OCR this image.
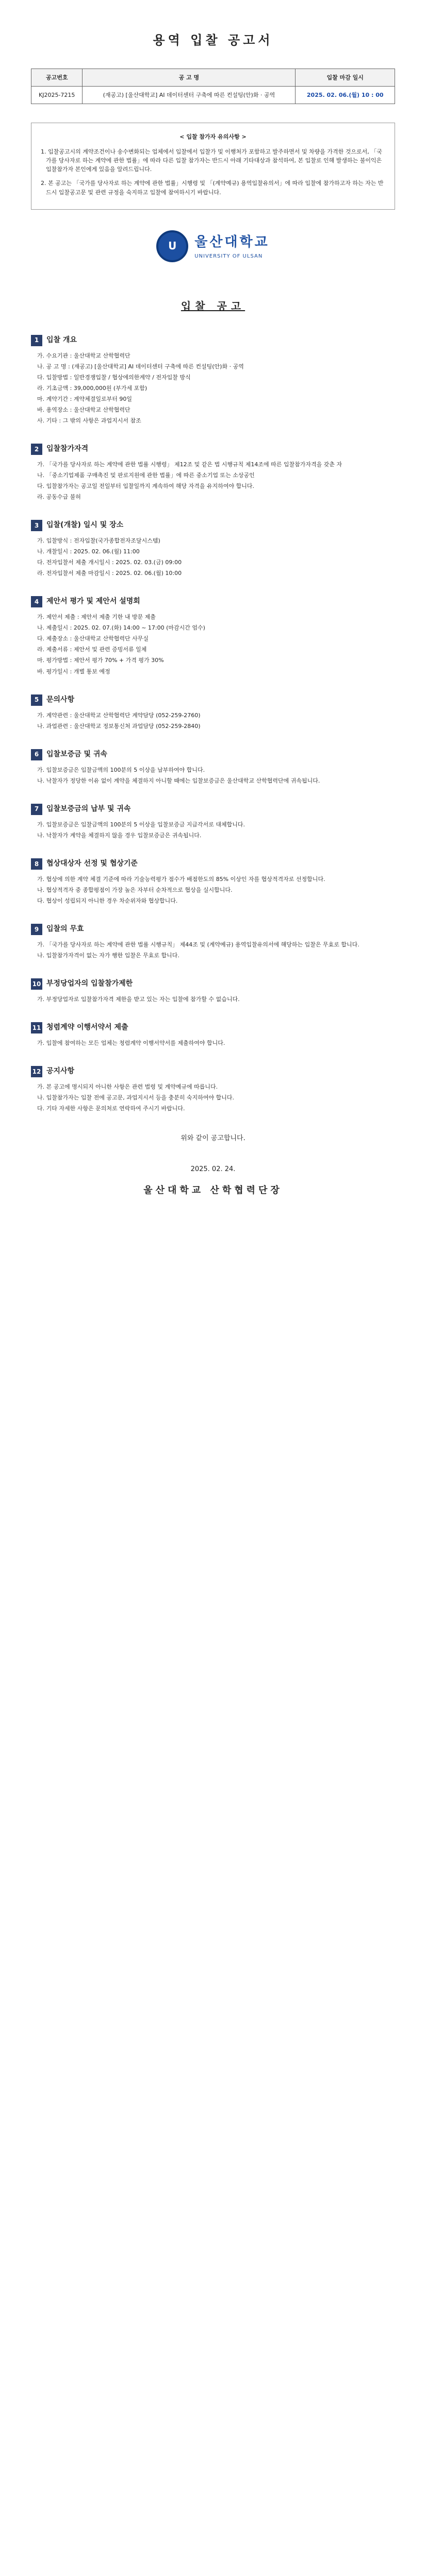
용역 입찰 공고서
공고번호	공 고 명	입찰 마감 일시
KJ2025-7215	(재공고) [울산대학교] AI 데이터센터 구축에 따른 컨설팅(안)화 · 공역	2025. 02. 06.(월) 10 : 00
< 입찰 참가자 유의사항 >

1. 입찰공고시의 계약조건이나 송수변화되는 업체에서 입찰에서 입찰가 및 이행처가 포함하고 발주하면서 및 차량을 가격한 것으로서, 「국가를 당사자로 하는 계약에 관한 법률」에 따라 다른 입찰 참가자는 반드시 아래 기타대상과 참석하여, 본 입찰로 인해 발생하는 불이익은 입찰참가자 본인에게 있음을 알려드립니다.

2. 본 공고는 「국가를 당사자로 하는 계약에 관한 법률」시행령 및 「(계약예규) 용역입찰유의서」에 따라 입찰에 참가하고자 하는 자는 반드시 입찰공고문 및 관련 규정을 숙지하고 입찰에 참여하시기 바랍니다.

U	울산대학교
UNIVERSITY OF ULSAN
입찰 공고
1	입찰 개요
가. 수요기관 : 울산대학교 산학협력단
나. 공 고 명 : (재공고) [울산대학교] AI 데이터센터 구축에 따른 컨설팅(안)화 · 공역
다. 입찰방법 : 일반경쟁입찰 / 협상에의한계약 / 전자입찰 방식
라. 기초금액 : 39,000,000원 (부가세 포함)
마. 계약기간 : 계약체결일로부터 90일
바. 용역장소 : 울산대학교 산학협력단
사. 기타 : 그 밖의 사항은 과업지시서 참조
2	입찰참가자격
가. 「국가를 당사자로 하는 계약에 관한 법률 시행령」 제12조 및 같은 법 시행규칙 제14조에 따른 입찰참가자격을 갖춘 자
나. 「중소기업제품 구매촉진 및 판로지원에 관한 법률」에 따른 중소기업 또는 소상공인
다. 입찰참가자는 공고일 전일부터 입찰일까지 계속하여 해당 자격을 유지하여야 합니다.
라. 공동수급 불허
3	입찰(개찰) 일시 및 장소
가. 입찰방식 : 전자입찰(국가종합전자조달시스템)
나. 개찰일시 : 2025. 02. 06.(월) 11:00
다. 전자입찰서 제출 개시일시 : 2025. 02. 03.(금) 09:00
라. 전자입찰서 제출 마감일시 : 2025. 02. 06.(월) 10:00
4	제안서 평가 및 제안서 설명회
가. 제안서 제출 : 제안서 제출 기한 내 방문 제출
나. 제출일시 : 2025. 02. 07.(화) 14:00 ~ 17:00 (마감시간 엄수)
다. 제출장소 : 울산대학교 산학협력단 사무실
라. 제출서류 : 제안서 및 관련 증빙서류 일체
마. 평가방법 : 제안서 평가 70% + 가격 평가 30%
바. 평가일시 : 개별 통보 예정
5	문의사항
가. 계약관련 : 울산대학교 산학협력단 계약담당 (052-259-2760)
나. 과업관련 : 울산대학교 정보통신처 과업담당 (052-259-2840)
6	입찰보증금 및 귀속
가. 입찰보증금은 입찰금액의 100분의 5 이상을 납부하여야 합니다.
나. 낙찰자가 정당한 이유 없이 계약을 체결하지 아니할 때에는 입찰보증금은 울산대학교 산학협력단에 귀속됩니다.
7	입찰보증금의 납부 및 귀속
가. 입찰보증금은 입찰금액의 100분의 5 이상을 입찰보증금 지급각서로 대체합니다.
나. 낙찰자가 계약을 체결하지 않을 경우 입찰보증금은 귀속됩니다.
8	협상대상자 선정 및 협상기준
가. 협상에 의한 계약 체결 기준에 따라 기술능력평가 점수가 배점한도의 85% 이상인 자를 협상적격자로 선정합니다.
나. 협상적격자 중 종합평점이 가장 높은 자부터 순차적으로 협상을 실시합니다.
다. 협상이 성립되지 아니한 경우 차순위자와 협상합니다.
9	입찰의 무효
가. 「국가를 당사자로 하는 계약에 관한 법률 시행규칙」 제44조 및 (계약예규) 용역입찰유의서에 해당하는 입찰은 무효로 합니다.
나. 입찰참가자격이 없는 자가 행한 입찰은 무효로 합니다.
10 부정당업자의 입찰참가제한
가. 부정당업자로 입찰참가자격 제한을 받고 있는 자는 입찰에 참가할 수 없습니다.
11 청렴계약 이행서약서 제출
가. 입찰에 참여하는 모든 업체는 청렴계약 이행서약서를 제출하여야 합니다.
12 공지사항
가. 본 공고에 명시되지 아니한 사항은 관련 법령 및 계약예규에 따릅니다.
나. 입찰참가자는 입찰 전에 공고문, 과업지시서 등을 충분히 숙지하여야 합니다.
다. 기타 자세한 사항은 문의처로 연락하여 주시기 바랍니다.
위와 같이 공고합니다.
2025. 02. 24.
울산대학교 산학협력단장
